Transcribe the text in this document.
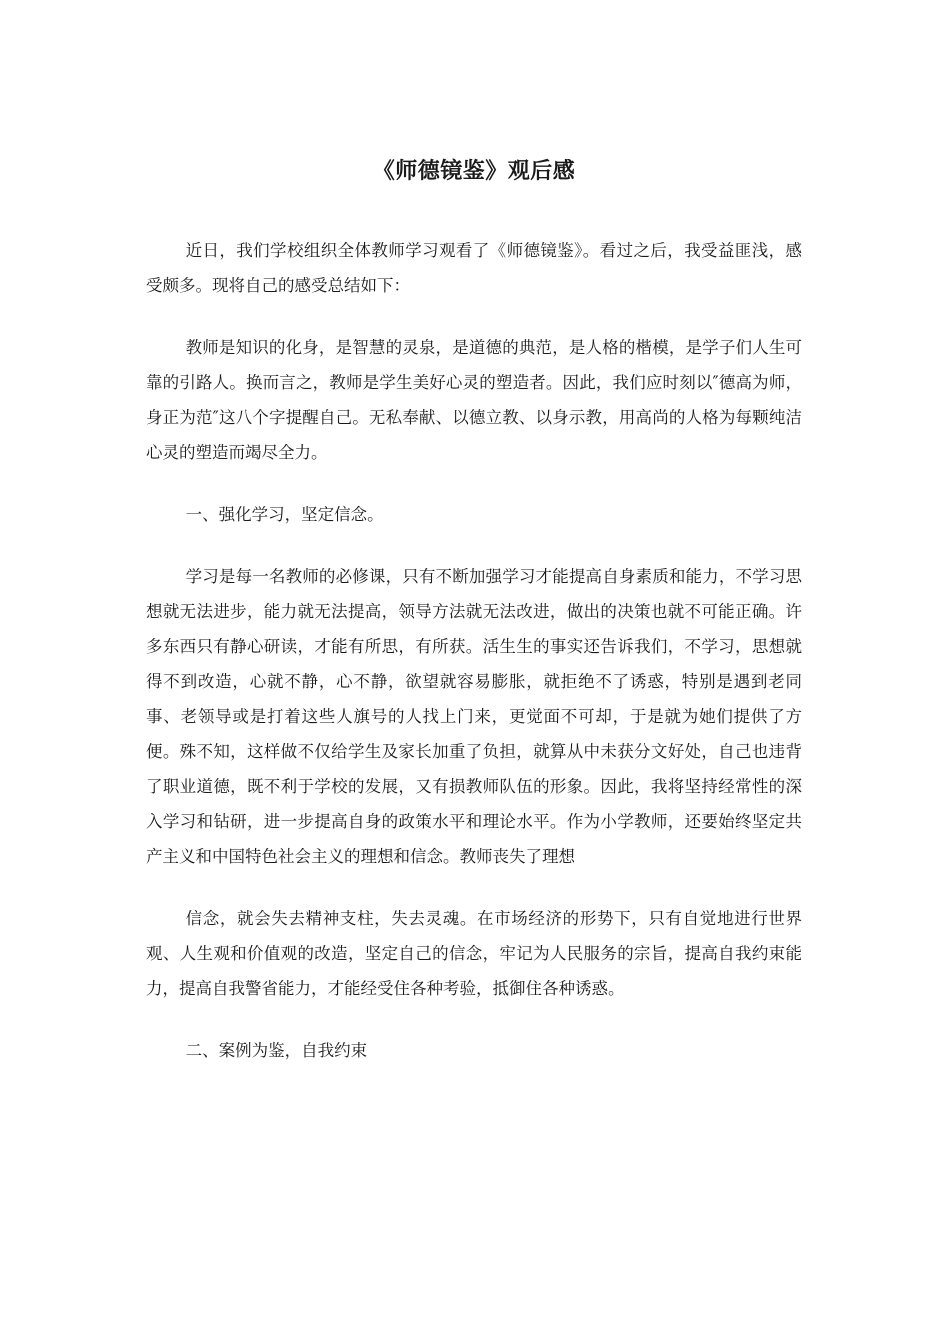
《师德镜鉴》观后感

近日，我们学校组织全体教师学习观看了《师德镜鉴》。看过之后，我受益匪浅，感受颇多。现将自己的感受总结如下：

教师是知识的化身，是智慧的灵泉，是道德的典范，是人格的楷模，是学子们人生可靠的引路人。换而言之，教师是学生美好心灵的塑造者。因此，我们应时刻以″德高为师，身正为范″这八个字提醒自己。无私奉献、以德立教、以身示教，用高尚的人格为每颗纯洁心灵的塑造而竭尽全力。

一、强化学习，坚定信念。

学习是每一名教师的必修课，只有不断加强学习才能提高自身素质和能力，不学习思想就无法进步，能力就无法提高，领导方法就无法改进，做出的决策也就不可能正确。许多东西只有静心研读，才能有所思，有所获。活生生的事实还告诉我们，不学习，思想就得不到改造，心就不静，心不静，欲望就容易膨胀，就拒绝不了诱惑，特别是遇到老同事、老领导或是打着这些人旗号的人找上门来，更觉面不可却，于是就为她们提供了方便。殊不知，这样做不仅给学生及家长加重了负担，就算从中未获分文好处，自己也违背了职业道德，既不利于学校的发展，又有损教师队伍的形象。因此，我将坚持经常性的深入学习和钻研，进一步提高自身的政策水平和理论水平。作为小学教师，还要始终坚定共产主义和中国特色社会主义的理想和信念。教师丧失了理想

信念，就会失去精神支柱，失去灵魂。在市场经济的形势下，只有自觉地进行世界观、人生观和价值观的改造，坚定自己的信念，牢记为人民服务的宗旨，提高自我约束能力，提高自我警省能力，才能经受住各种考验，抵御住各种诱惑。

二、案例为鉴，自我约束
